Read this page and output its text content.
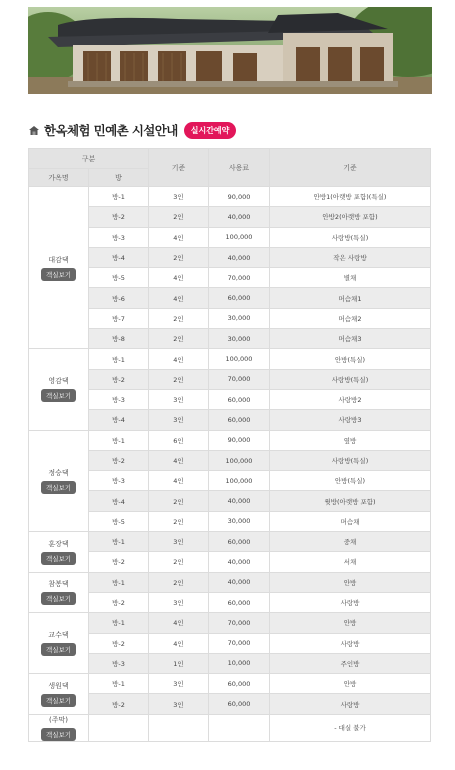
한옥체험 민예촌 시설안내	실시간예약
구분		기준	사용료	기준
가옥명	방			

대감댁
객실보기	방-1	3인	90,000	안방1(아랫방 포함)(특실)
	방-2	2인	40,000	안방2(아랫방 포함)
	방-3	4인	100,000	사랑방(특실)
	방-4	2인	40,000	작은 사랑방
	방-5	4인	70,000	별채
	방-6	4인	60,000	머슴채1
	방-7	2인	30,000	머슴채2
	방-8	2인	30,000	머슴채3

영감댁
객실보기	방-1	4인	100,000	안방(특실)
	방-2	2인	70,000	사랑방(특실)
	방-3	3인	60,000	사랑방2
	방-4	3인	60,000	사랑방3

정승댁
객실보기	방-1	6인	90,000	옆방
	방-2	4인	100,000	사랑방(특실)
	방-3	4인	100,000	안방(특실)
	방-4	2인	40,000	윗방(아랫방 포함)
	방-5	2인	30,000	머슴채

훈장댁
객실보기	방-1	3인	60,000	중채
	방-2	2인	40,000	서채

참봉댁
객실보기	방-1	2인	40,000	안방
	방-2	3인	60,000	사랑방

교수댁
객실보기	방-1	4인	70,000	안방
	방-2	4인	70,000	사랑방
	방-3	1인	10,000	주인방

생원댁
객실보기	방-1	3인	60,000	안방
	방-2	3인	60,000	사랑방

(주막)
객실보기				- 대실 불가
